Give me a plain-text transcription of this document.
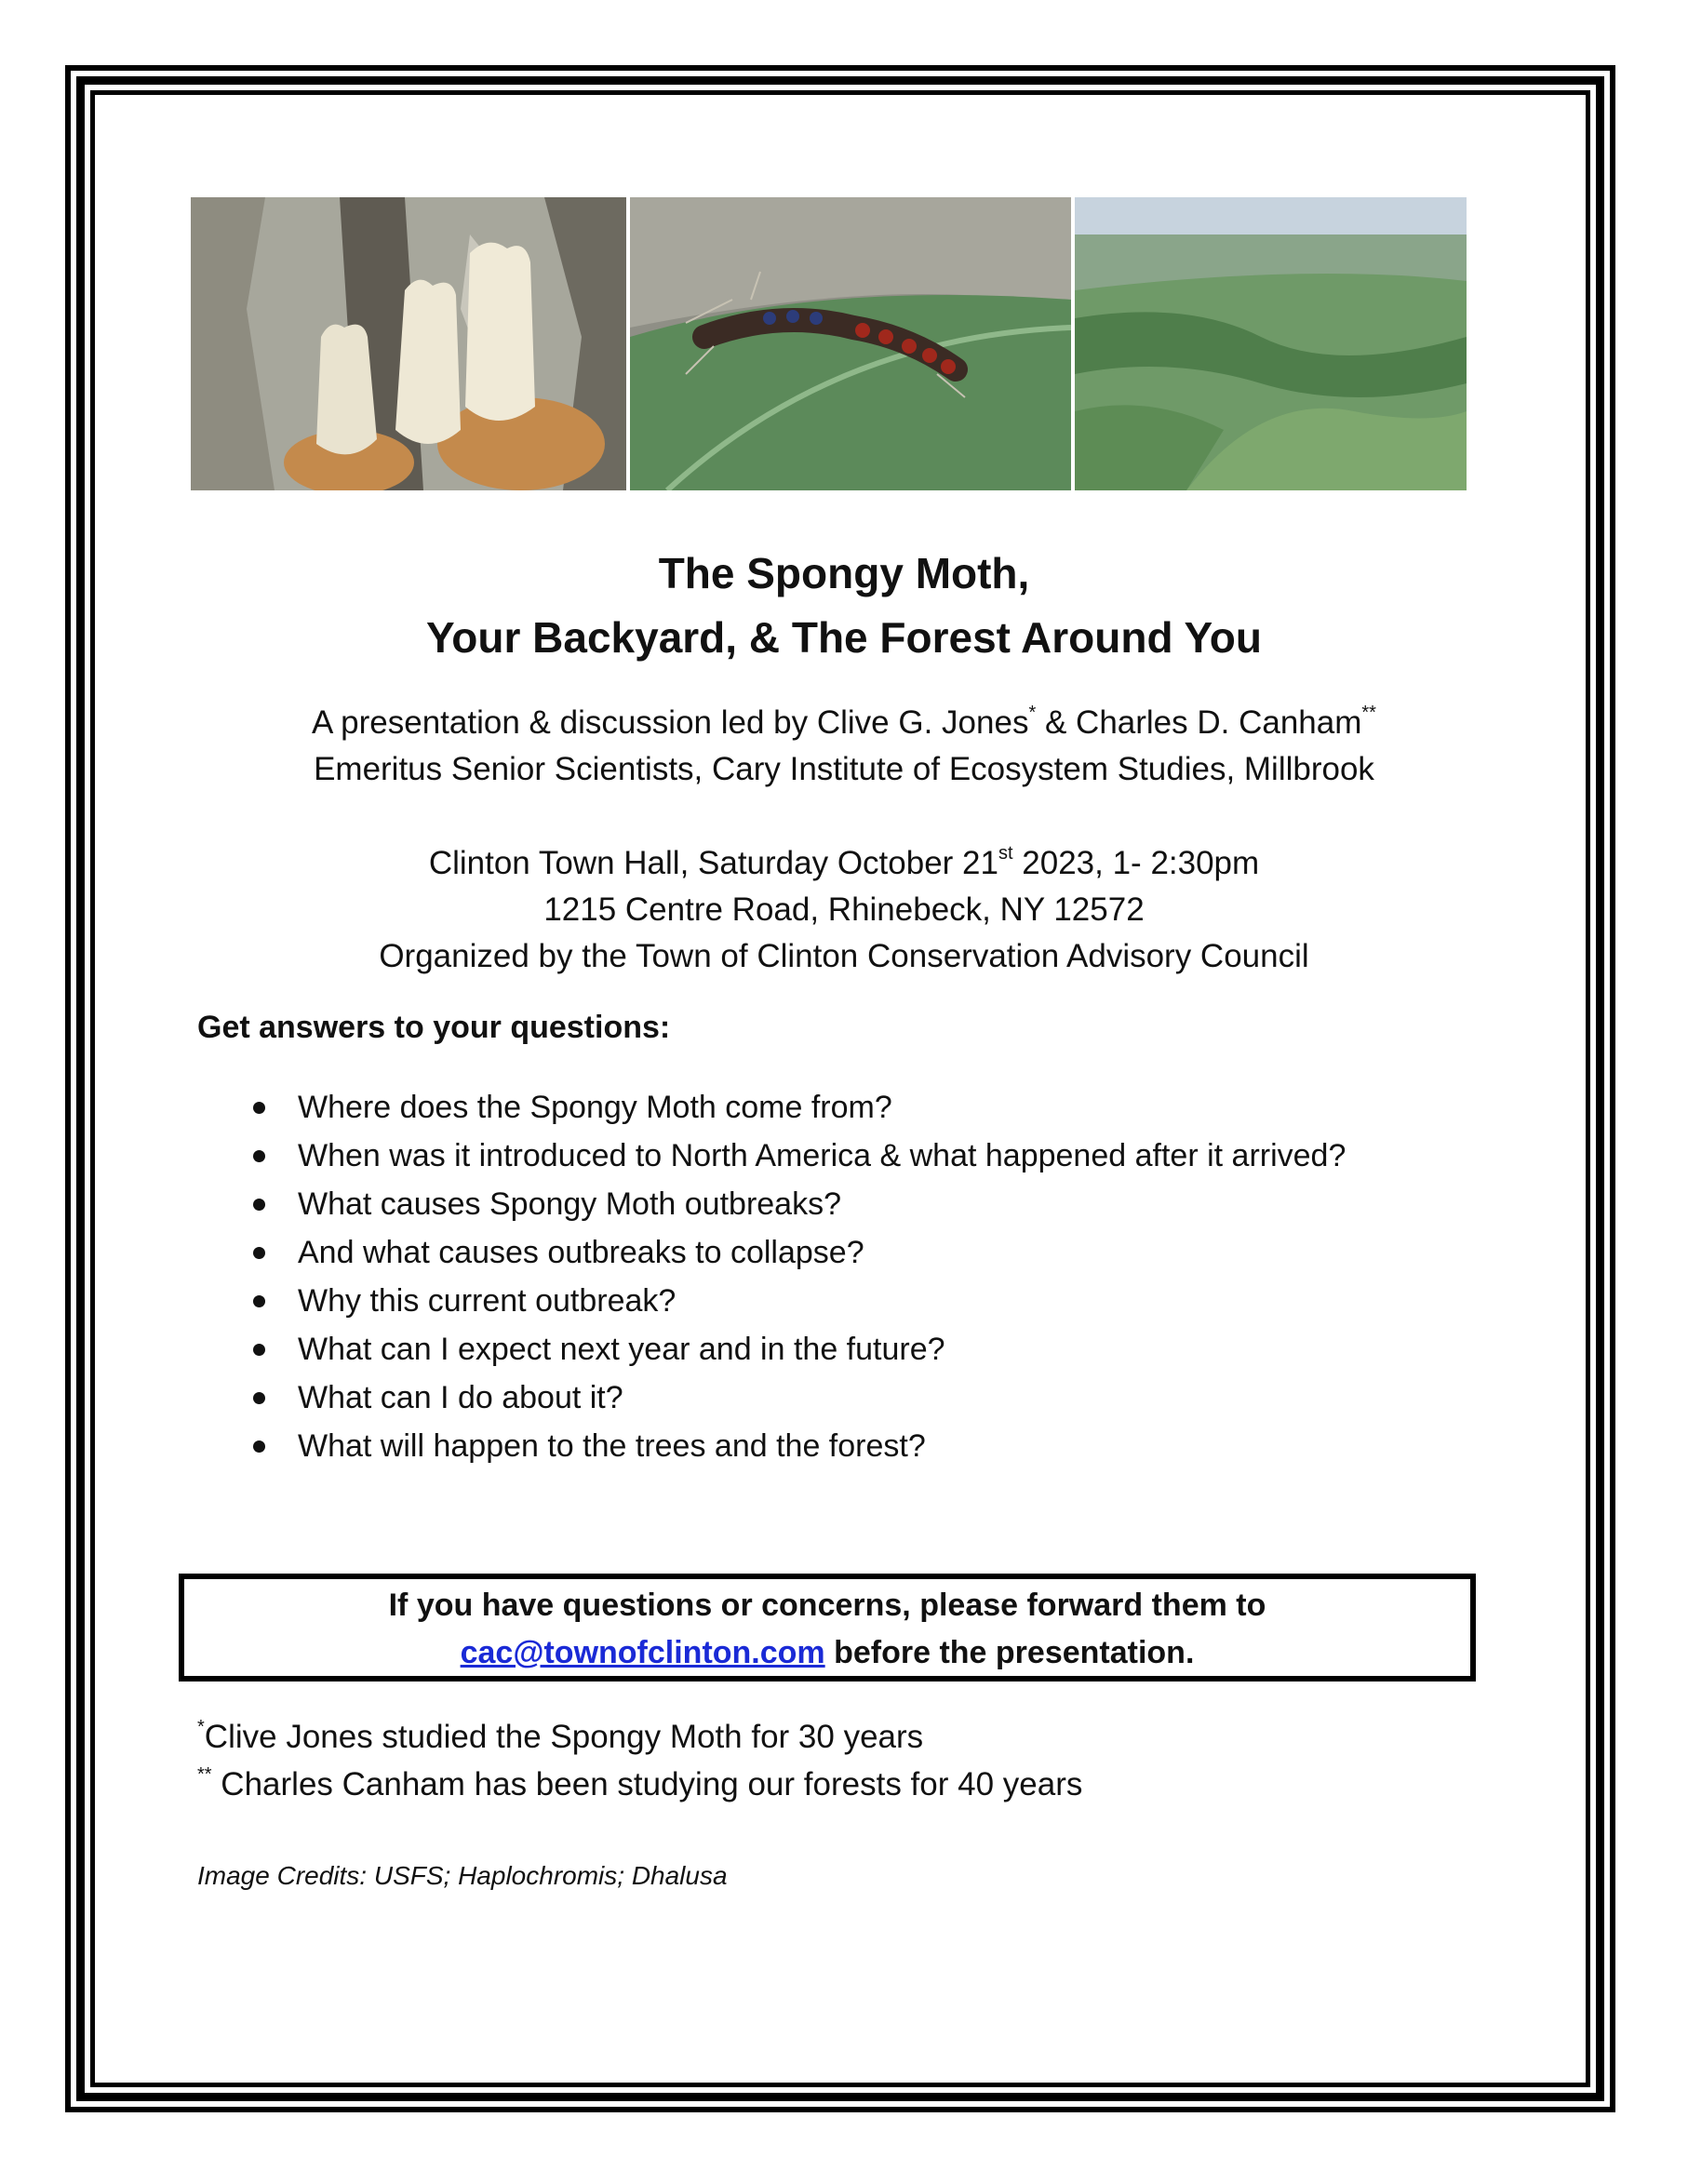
The Spongy Moth,
Your Backyard, & The Forest Around You
A presentation & discussion led by Clive G. Jones* & Charles D. Canham**
Emeritus Senior Scientists, Cary Institute of Ecosystem Studies, Millbrook
Clinton Town Hall, Saturday October 21st 2023, 1- 2:30pm
1215 Centre Road, Rhinebeck, NY 12572
Organized by the Town of Clinton Conservation Advisory Council
Get answers to your questions:
Where does the Spongy Moth come from?
When was it introduced to North America & what happened after it arrived?
What causes Spongy Moth outbreaks?
And what causes outbreaks to collapse?
Why this current outbreak?
What can I expect next year and in the future?
What can I do about it?
What will happen to the trees and the forest?
If you have questions or concerns, please forward them to
cac@townofclinton.com before the presentation.
*Clive Jones studied the Spongy Moth for 30 years
** Charles Canham has been studying our forests for 40 years
Image Credits: USFS; Haplochromis; Dhalusa
